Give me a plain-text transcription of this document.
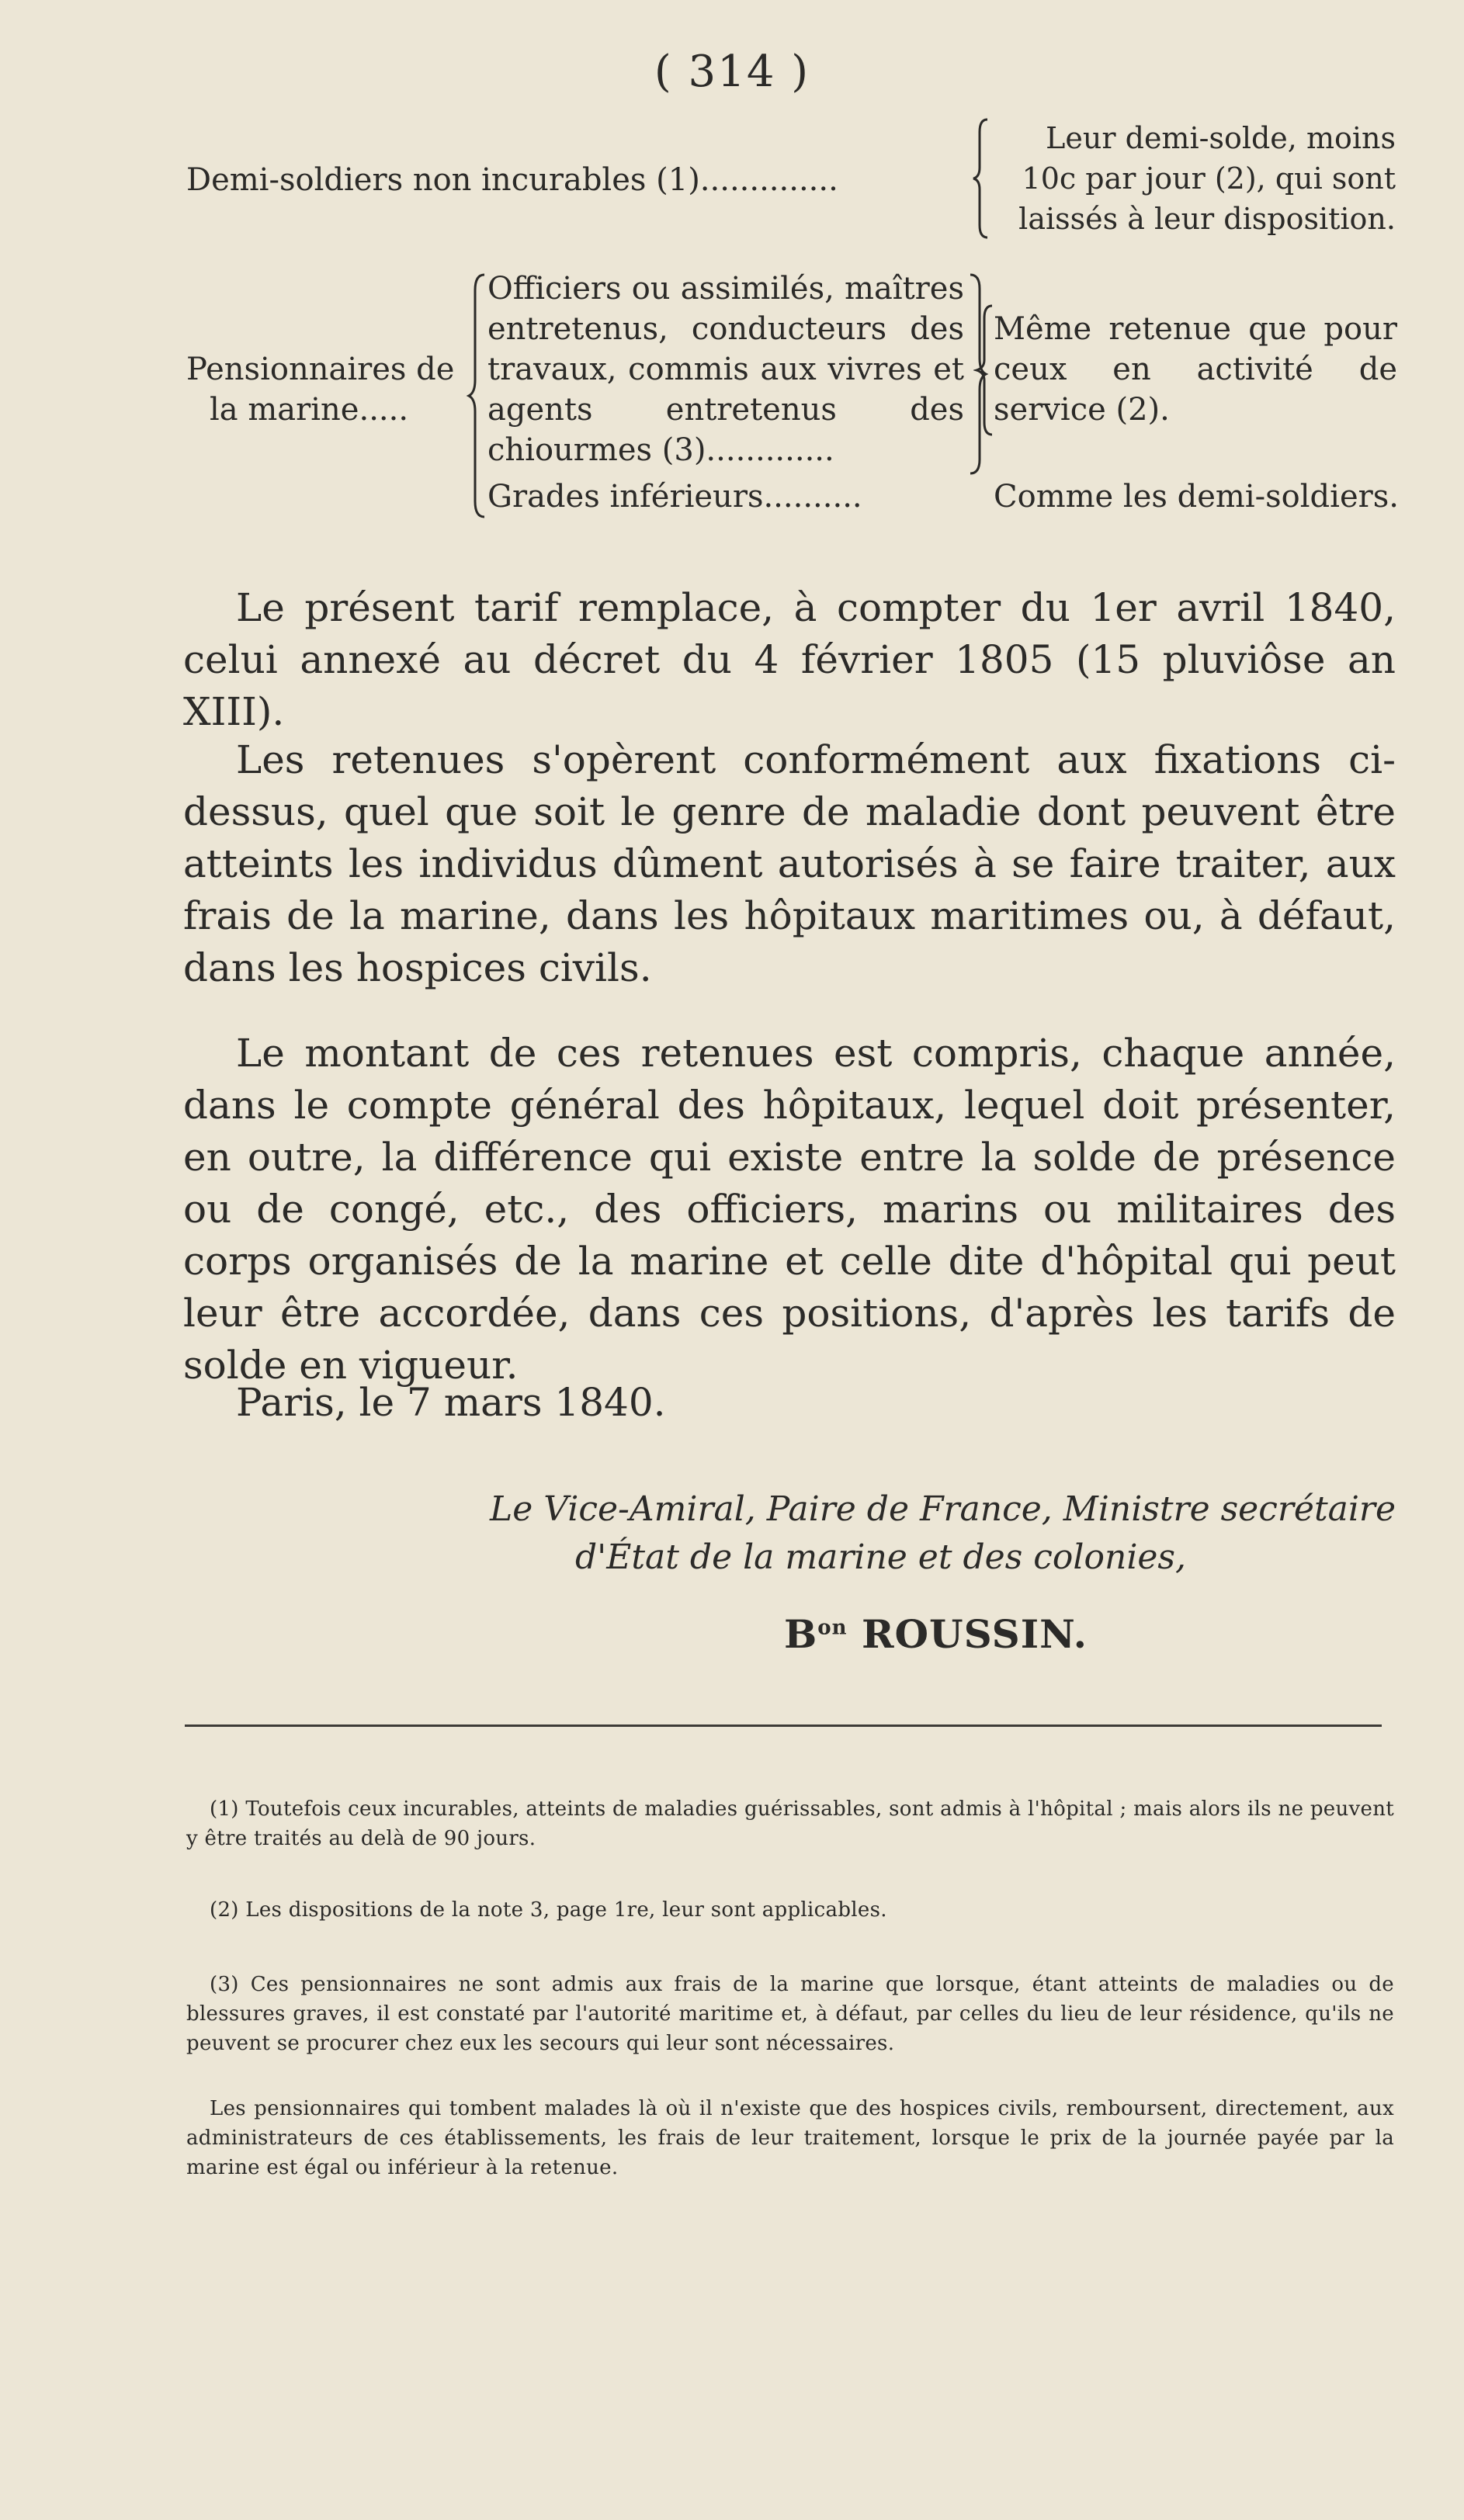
( 314 )
Demi-soldiers non incurables (1)..............
Leur demi-solde, moins 10c par jour (2), qui sont laissés à leur disposition.
Pensionnaires de
la marine.....
Officiers ou assimilés, maîtres entretenus, conducteurs des travaux, commis aux vivres et agents entretenus des chiourmes (3).............
Même retenue que pour ceux en activité de service (2).
Grades inférieurs..........	Comme les demi-soldiers.

Le présent tarif remplace, à compter du 1er avril 1840, celui annexé au décret du 4 février 1805 (15 pluviôse an XIII).

Les retenues s'opèrent conformément aux fixations ci-dessus, quel que soit le genre de maladie dont peuvent être atteints les individus dûment autorisés à se faire traiter, aux frais de la marine, dans les hôpitaux maritimes ou, à défaut, dans les hospices civils.

Le montant de ces retenues est compris, chaque année, dans le compte général des hôpitaux, lequel doit présenter, en outre, la différence qui existe entre la solde de présence ou de congé, etc., des officiers, marins ou militaires des corps organisés de la marine et celle dite d'hôpital qui peut leur être accordée, dans ces positions, d'après les tarifs de solde en vigueur.

Paris, le 7 mars 1840.
Le Vice-Amiral, Paire de France, Ministre secrétaire
d'État de la marine et des colonies,
$B^{on}$ ROUSSIN.

(1) Toutefois ceux incurables, atteints de maladies guérissables, sont admis à l'hôpital ; mais alors ils ne peuvent y être traités au delà de 90 jours.

(2) Les dispositions de la note 3, page 1re, leur sont applicables.

(3) Ces pensionnaires ne sont admis aux frais de la marine que lorsque, étant atteints de maladies ou de blessures graves, il est constaté par l'autorité maritime et, à défaut, par celles du lieu de leur résidence, qu'ils ne peuvent se procurer chez eux les secours qui leur sont nécessaires.

Les pensionnaires qui tombent malades là où il n'existe que des hospices civils, remboursent, directement, aux administrateurs de ces établissements, les frais de leur traitement, lorsque le prix de la journée payée par la marine est égal ou inférieur à la retenue.
